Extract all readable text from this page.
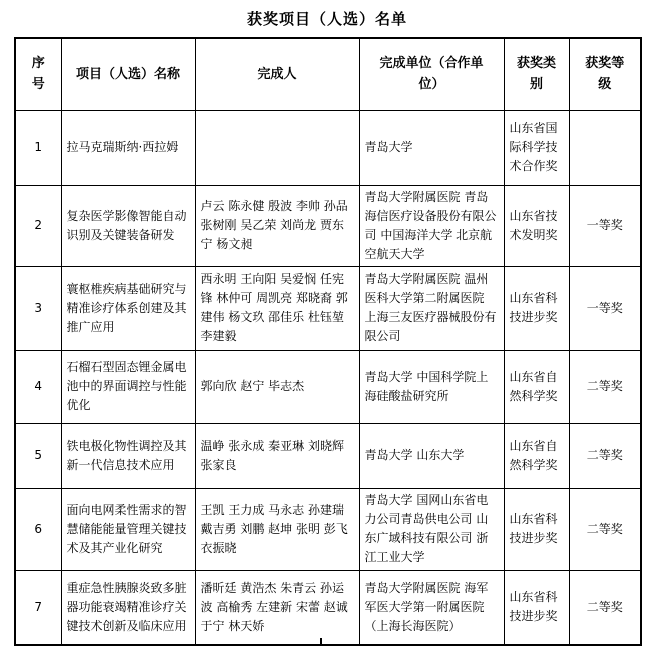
获奖项目（人选）名单
序号	项目（人选）名称	完成人	完成单位（合作单位）	获奖类别	获奖等级
1	拉马克瑞斯纳·西拉姆		青岛大学	山东省国际科学技术合作奖	
2	复杂医学影像智能自动识别及关键装备研发	卢云 陈永健 殷波 李帅 孙品 张树刚 吴乙荣 刘尚龙 贾东宁 杨文昶	青岛大学附属医院 青岛海信医疗设备股份有限公司 中国海洋大学 北京航空航天大学	山东省技术发明奖	一等奖
3	寰枢椎疾病基础研究与精准诊疗体系创建及其推广应用	西永明 王向阳 吴爱悯 任宪锋 林仲可 周凯亮 郑晓裔 郭建伟 杨文玖 邵佳乐 杜钰堃 李建毅	青岛大学附属医院 温州医科大学第二附属医院 上海三友医疗器械股份有限公司	山东省科技进步奖	一等奖
4	石榴石型固态锂金属电池中的界面调控与性能优化	郭向欣 赵宁 毕志杰	青岛大学 中国科学院上海硅酸盐研究所	山东省自然科学奖	二等奖
5	铁电极化物性调控及其新一代信息技术应用	温峥 张永成 秦亚琳 刘晓辉 张家良	青岛大学 山东大学	山东省自然科学奖	二等奖
6	面向电网柔性需求的智慧储能能量管理关键技术及其产业化研究	王凯 王力成 马永志 孙建瑞 戴吉勇 刘鹏 赵坤 张明 彭飞 衣振晓	青岛大学 国网山东省电力公司青岛供电公司 山东广域科技有限公司 浙江工业大学	山东省科技进步奖	二等奖
7	重症急性胰腺炎致多脏器功能衰竭精准诊疗关键技术创新及临床应用	潘昕廷 黄浩杰 朱青云 孙运波 高榆秀 左建新 宋蕾 赵诚 于宁 林天娇	青岛大学附属医院 海军军医大学第一附属医院（上海长海医院）	山东省科技进步奖	二等奖
